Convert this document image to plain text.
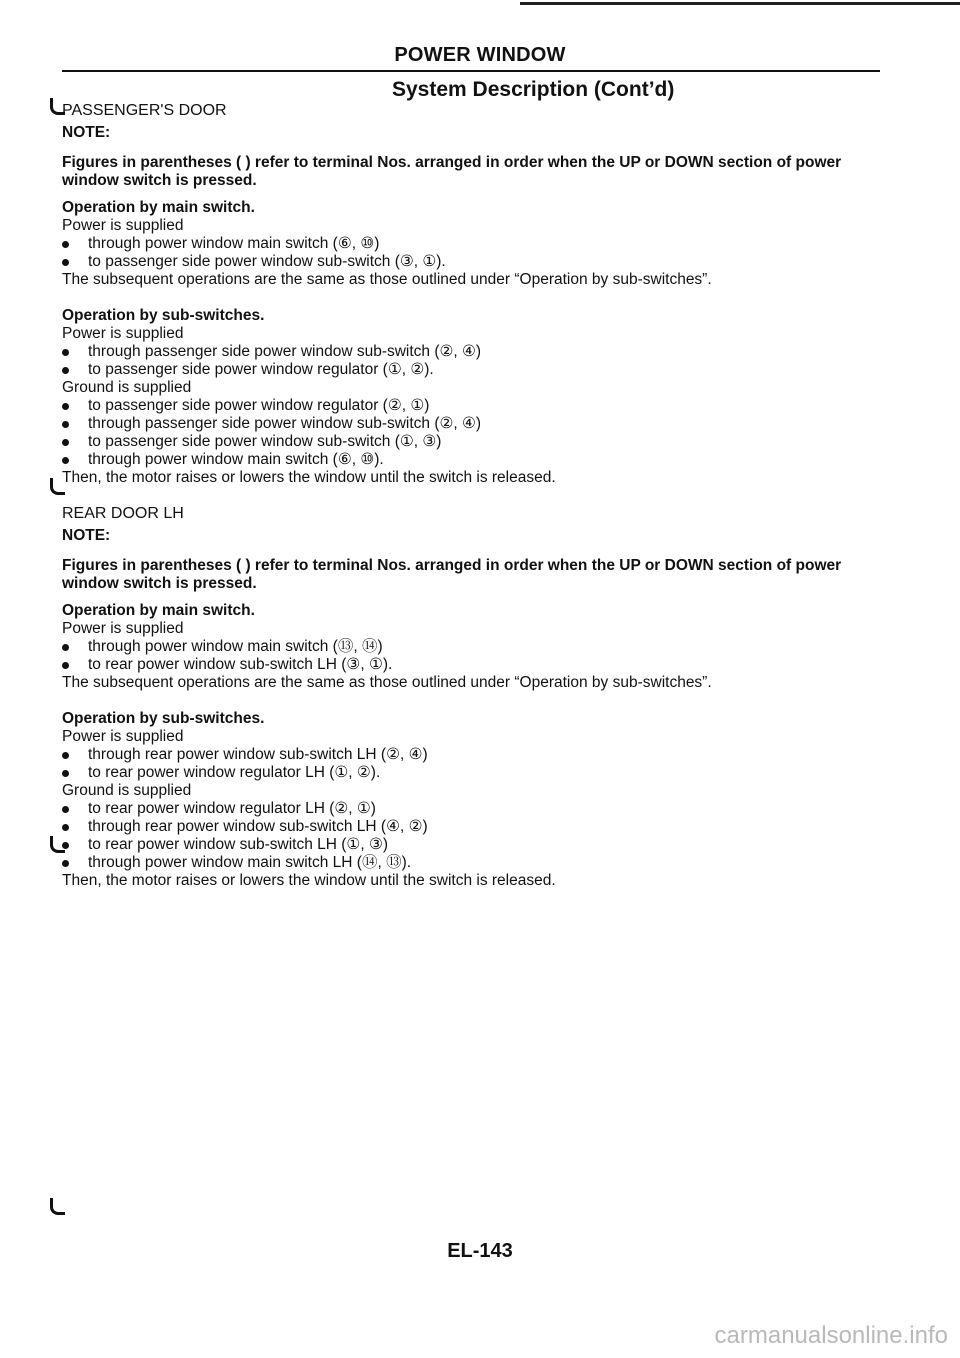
POWER WINDOW
System Description (Cont’d)

PASSENGER'S DOOR

NOTE:

Figures in parentheses ( ) refer to terminal Nos. arranged in order when the UP or DOWN section of power window switch is pressed.

Operation by main switch.

Power is supplied

through power window main switch (⑥, ⑩)
to passenger side power window sub-switch (③, ①).

The subsequent operations are the same as those outlined under “Operation by sub-switches”.

Operation by sub-switches.

Power is supplied

through passenger side power window sub-switch (②, ④)
to passenger side power window regulator (①, ②).

Ground is supplied

to passenger side power window regulator (②, ①)
through passenger side power window sub-switch (②, ④)
to passenger side power window sub-switch (①, ③)
through power window main switch (⑥, ⑩).

Then, the motor raises or lowers the window until the switch is released.

REAR DOOR LH

NOTE:

Figures in parentheses ( ) refer to terminal Nos. arranged in order when the UP or DOWN section of power window switch is pressed.

Operation by main switch.

Power is supplied

through power window main switch (⑬, ⑭)
to rear power window sub-switch LH (③, ①).

The subsequent operations are the same as those outlined under “Operation by sub-switches”.

Operation by sub-switches.

Power is supplied

through rear power window sub-switch LH (②, ④)
to rear power window regulator LH (①, ②).

Ground is supplied

to rear power window regulator LH (②, ①)
through rear power window sub-switch LH (④, ②)
to rear power window sub-switch LH (①, ③)
through power window main switch LH (⑭, ⑬).

Then, the motor raises or lowers the window until the switch is released.

EL-143
carmanualsonline.info
